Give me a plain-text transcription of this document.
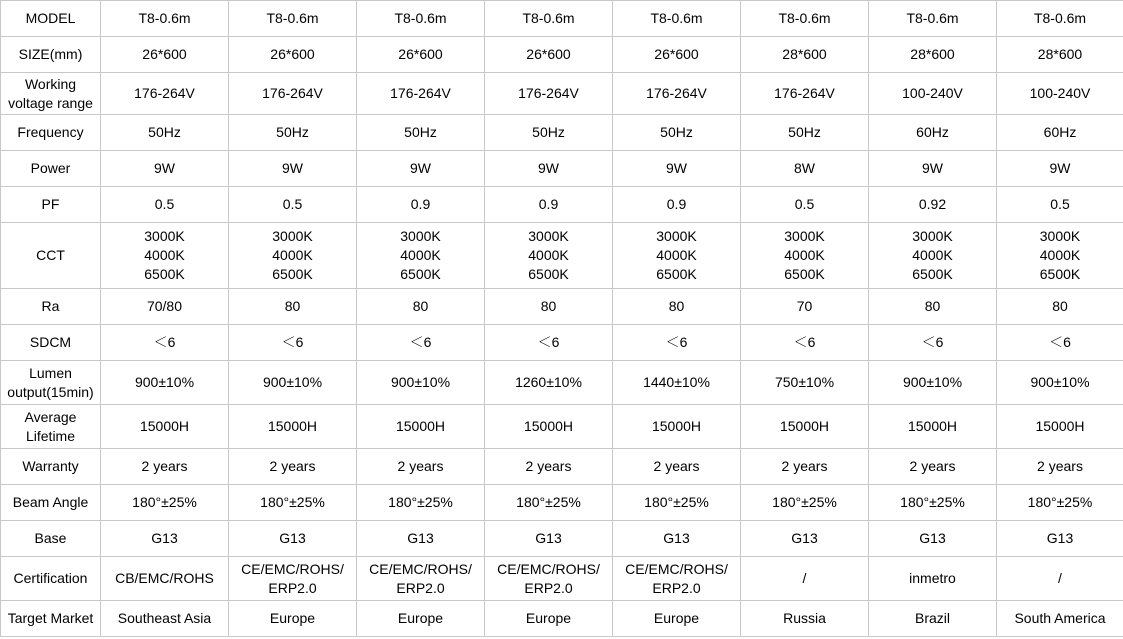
MODEL	T8-0.6m	T8-0.6m	T8-0.6m	T8-0.6m	T8-0.6m	T8-0.6m	T8-0.6m	T8-0.6m

SIZE(mm)	26*600	26*600	26*600	26*600	26*600	28*600	28*600	28*600

Working
voltage range	176-264V	176-264V	176-264V	176-264V	176-264V	176-264V	100-240V	100-240V

Frequency	50Hz	50Hz	50Hz	50Hz	50Hz	50Hz	60Hz	60Hz

Power	9W	9W	9W	9W	9W	8W	9W	9W

PF	0.5	0.5	0.9	0.9	0.9	0.5	0.92	0.5

CCT	3000K
4000K
6500K	3000K
4000K
6500K	3000K
4000K
6500K	3000K
4000K
6500K	3000K
4000K
6500K	3000K
4000K
6500K	3000K
4000K
6500K	3000K
4000K
6500K

Ra	70/80	80	80	80	80	70	80	80

SDCM	＜6	＜6	＜6	＜6	＜6	＜6	＜6	＜6

Lumen
output(15min)	900±10%	900±10%	900±10%	1260±10%	1440±10%	750±10%	900±10%	900±10%

Average
Lifetime	15000H	15000H	15000H	15000H	15000H	15000H	15000H	15000H

Warranty	2 years	2 years	2 years	2 years	2 years	2 years	2 years	2 years

Beam Angle	180°±25%	180°±25%	180°±25%	180°±25%	180°±25%	180°±25%	180°±25%	180°±25%

Base	G13	G13	G13	G13	G13	G13	G13	G13

Certification	CB/EMC/ROHS	CE/EMC/ROHS/
ERP2.0	CE/EMC/ROHS/
ERP2.0	CE/EMC/ROHS/
ERP2.0	CE/EMC/ROHS/
ERP2.0	/	inmetro	/

Target Market	Southeast Asia	Europe	Europe	Europe	Europe	Russia	Brazil	South America
